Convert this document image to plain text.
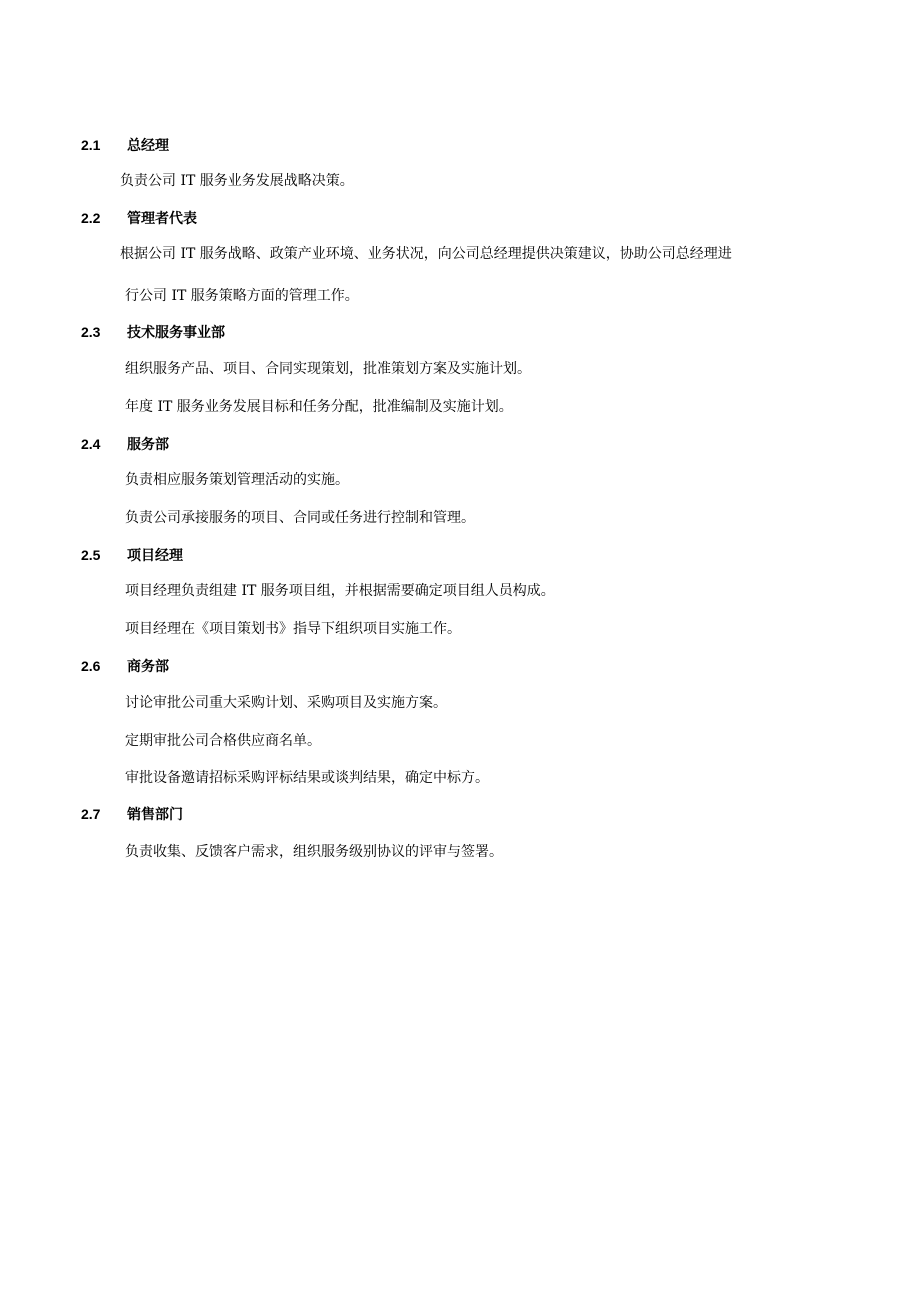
2.1 总经理
负责公司 IT 服务业务发展战略决策。
2.2 管理者代表
根据公司 IT 服务战略、政策产业环境、业务状况，向公司总经理提供决策建议，协助公司总经理进
行公司 IT 服务策略方面的管理工作。
2.3 技术服务事业部
组织服务产品、项目、合同实现策划，批准策划方案及实施计划。
年度 IT 服务业务发展目标和任务分配，批准编制及实施计划。
2.4 服务部
负责相应服务策划管理活动的实施。
负责公司承接服务的项目、合同或任务进行控制和管理。
2.5 项目经理
项目经理负责组建 IT 服务项目组，并根据需要确定项目组人员构成。
项目经理在《项目策划书》指导下组织项目实施工作。
2.6 商务部
讨论审批公司重大采购计划、采购项目及实施方案。
定期审批公司合格供应商名单。
审批设备邀请招标采购评标结果或谈判结果，确定中标方。
2.7 销售部门
负责收集、反馈客户需求，组织服务级别协议的评审与签署。
